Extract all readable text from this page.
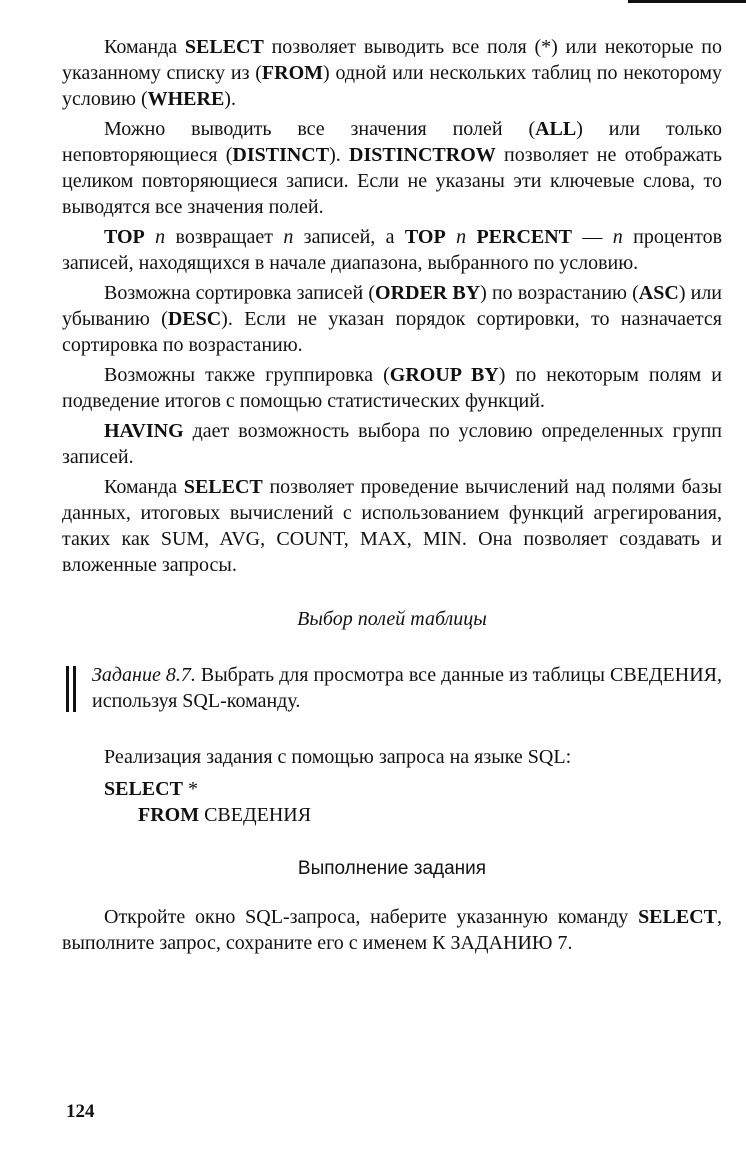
Команда SELECT позволяет выводить все поля (*) или некоторые по указанному списку из (FROM) одной или нескольких таблиц по некоторому условию (WHERE).

Можно выводить все значения полей (ALL) или только неповторяющиеся (DISTINCT). DISTINCTROW позволяет не отображать целиком повторяющиеся записи. Если не указаны эти ключевые слова, то выводятся все значения полей.

TOP n возвращает n записей, а TOP n PERCENT — n процентов записей, находящихся в начале диапазона, выбранного по условию.

Возможна сортировка записей (ORDER BY) по возрастанию (ASC) или убыванию (DESC). Если не указан порядок сортировки, то назначается сортировка по возрастанию.

Возможны также группировка (GROUP BY) по некоторым полям и подведение итогов с помощью статистических функций.

HAVING дает возможность выбора по условию определенных групп записей.

Команда SELECT позволяет проведение вычислений над полями базы данных, итоговых вычислений с использованием функций агрегирования, таких как SUM, AVG, COUNT, MAX, MIN. Она позволяет создавать и вложенные запросы.

Выбор полей таблицы
Задание 8.7. Выбрать для просмотра все данные из таблицы СВЕДЕНИЯ, используя SQL-команду.
Реализация задания с помощью запроса на языке SQL:
SELECT *
FROM СВЕДЕНИЯ
Выполнение задания

Откройте окно SQL-запроса, наберите указанную команду SELECT, выполните запрос, сохраните его с именем К ЗАДАНИЮ 7.

124
